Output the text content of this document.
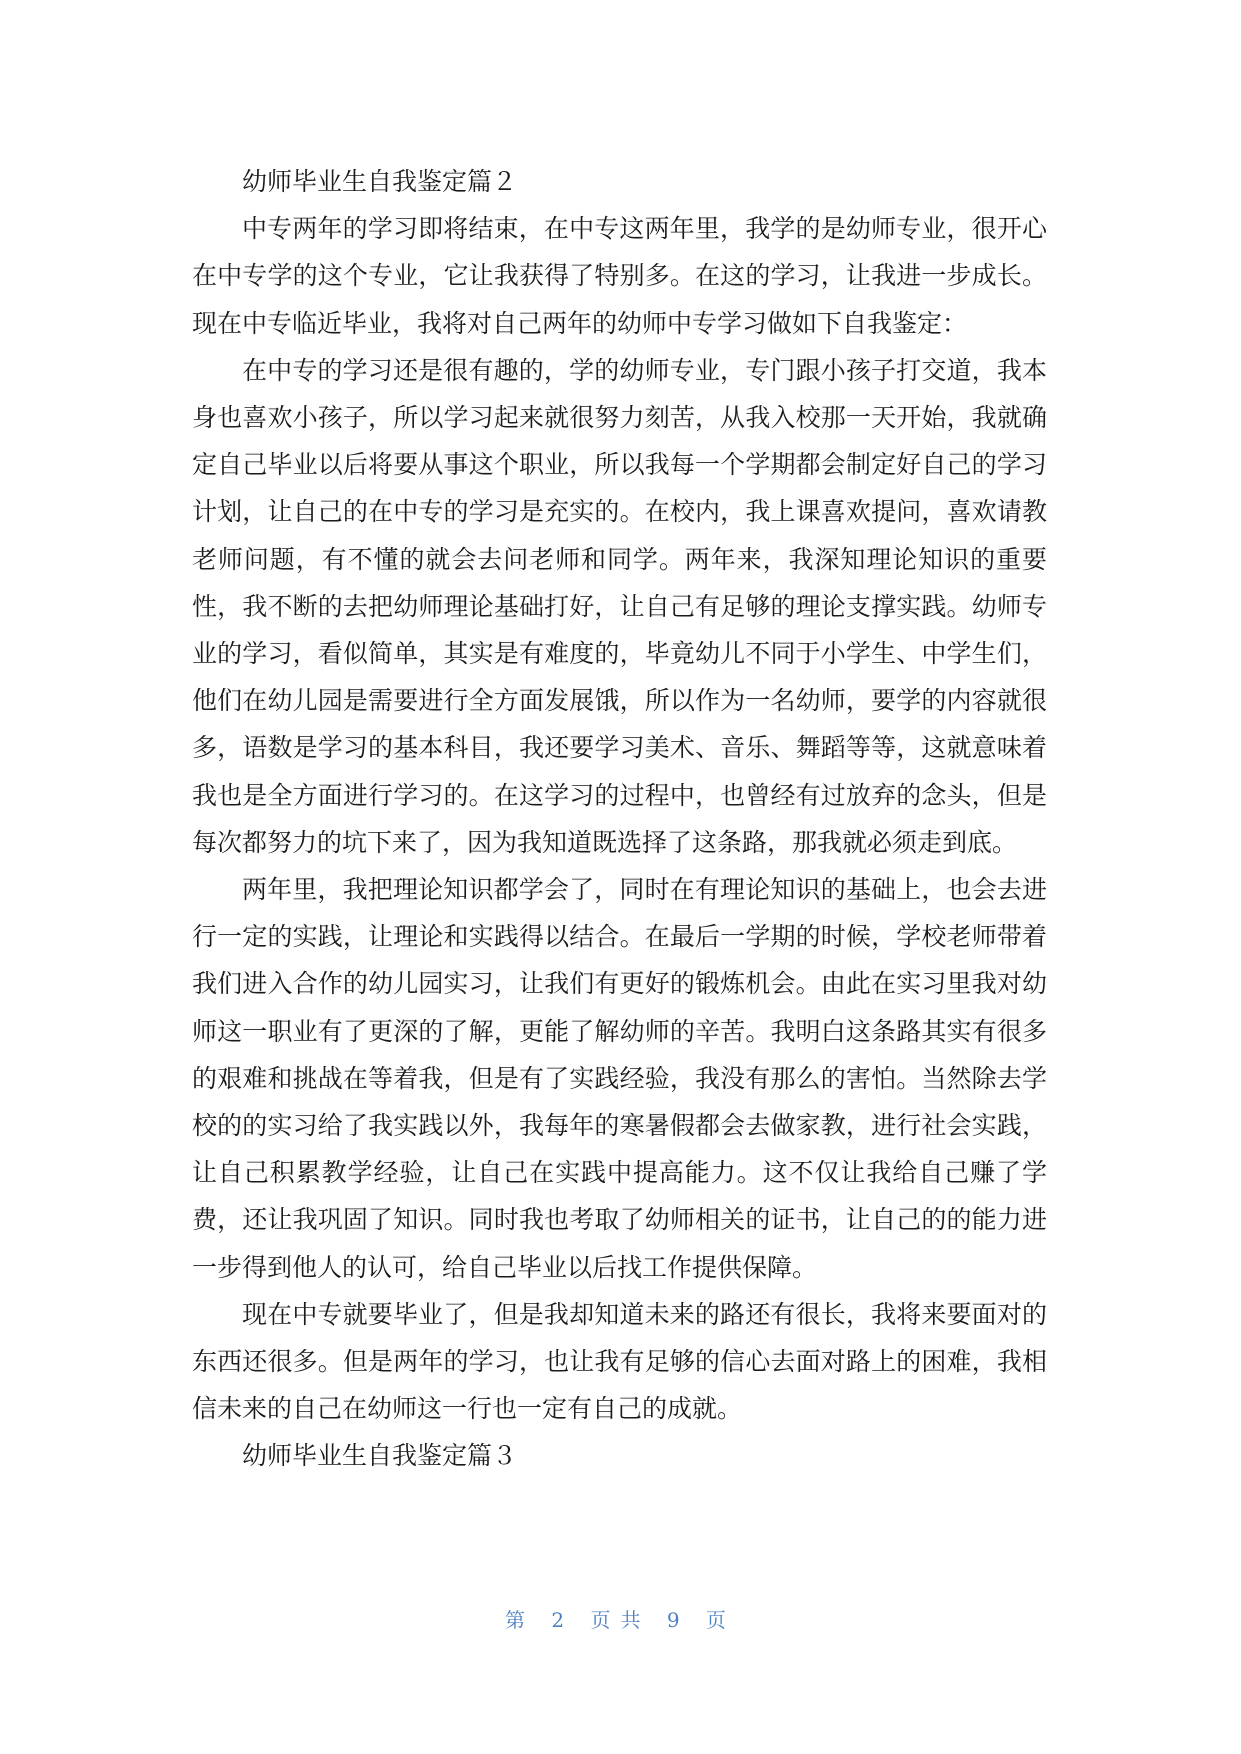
幼师毕业生自我鉴定篇２

中专两年的学习即将结束，在中专这两年里，我学的是幼师专业，很开心在中专学的这个专业，它让我获得了特别多。在这的学习，让我进一步成长。现在中专临近毕业，我将对自己两年的幼师中专学习做如下自我鉴定：

在中专的学习还是很有趣的，学的幼师专业，专门跟小孩子打交道，我本身也喜欢小孩子，所以学习起来就很努力刻苦，从我入校那一天开始，我就确定自己毕业以后将要从事这个职业，所以我每一个学期都会制定好自己的学习计划，让自己的在中专的学习是充实的。在校内，我上课喜欢提问，喜欢请教老师问题，有不懂的就会去问老师和同学。两年来，我深知理论知识的重要性，我不断的去把幼师理论基础打好，让自己有足够的理论支撑实践。幼师专业的学习，看似简单，其实是有难度的，毕竟幼儿不同于小学生、中学生们，他们在幼儿园是需要进行全方面发展饿，所以作为一名幼师，要学的内容就很多，语数是学习的基本科目，我还要学习美术、音乐、舞蹈等等，这就意味着我也是全方面进行学习的。在这学习的过程中，也曾经有过放弃的念头，但是每次都努力的坑下来了，因为我知道既选择了这条路，那我就必须走到底。

两年里，我把理论知识都学会了，同时在有理论知识的基础上，也会去进行一定的实践，让理论和实践得以结合。在最后一学期的时候，学校老师带着我们进入合作的幼儿园实习，让我们有更好的锻炼机会。由此在实习里我对幼师这一职业有了更深的了解，更能了解幼师的辛苦。我明白这条路其实有很多的艰难和挑战在等着我，但是有了实践经验，我没有那么的害怕。当然除去学校的的实习给了我实践以外，我每年的寒暑假都会去做家教，进行社会实践，让自己积累教学经验，让自己在实践中提高能力。这不仅让我给自己赚了学费，还让我巩固了知识。同时我也考取了幼师相关的证书，让自己的的能力进一步得到他人的认可，给自己毕业以后找工作提供保障。

现在中专就要毕业了，但是我却知道未来的路还有很长，我将来要面对的东西还很多。但是两年的学习，也让我有足够的信心去面对路上的困难，我相信未来的自己在幼师这一行也一定有自己的成就。

幼师毕业生自我鉴定篇３

第 2 页共 9 页
